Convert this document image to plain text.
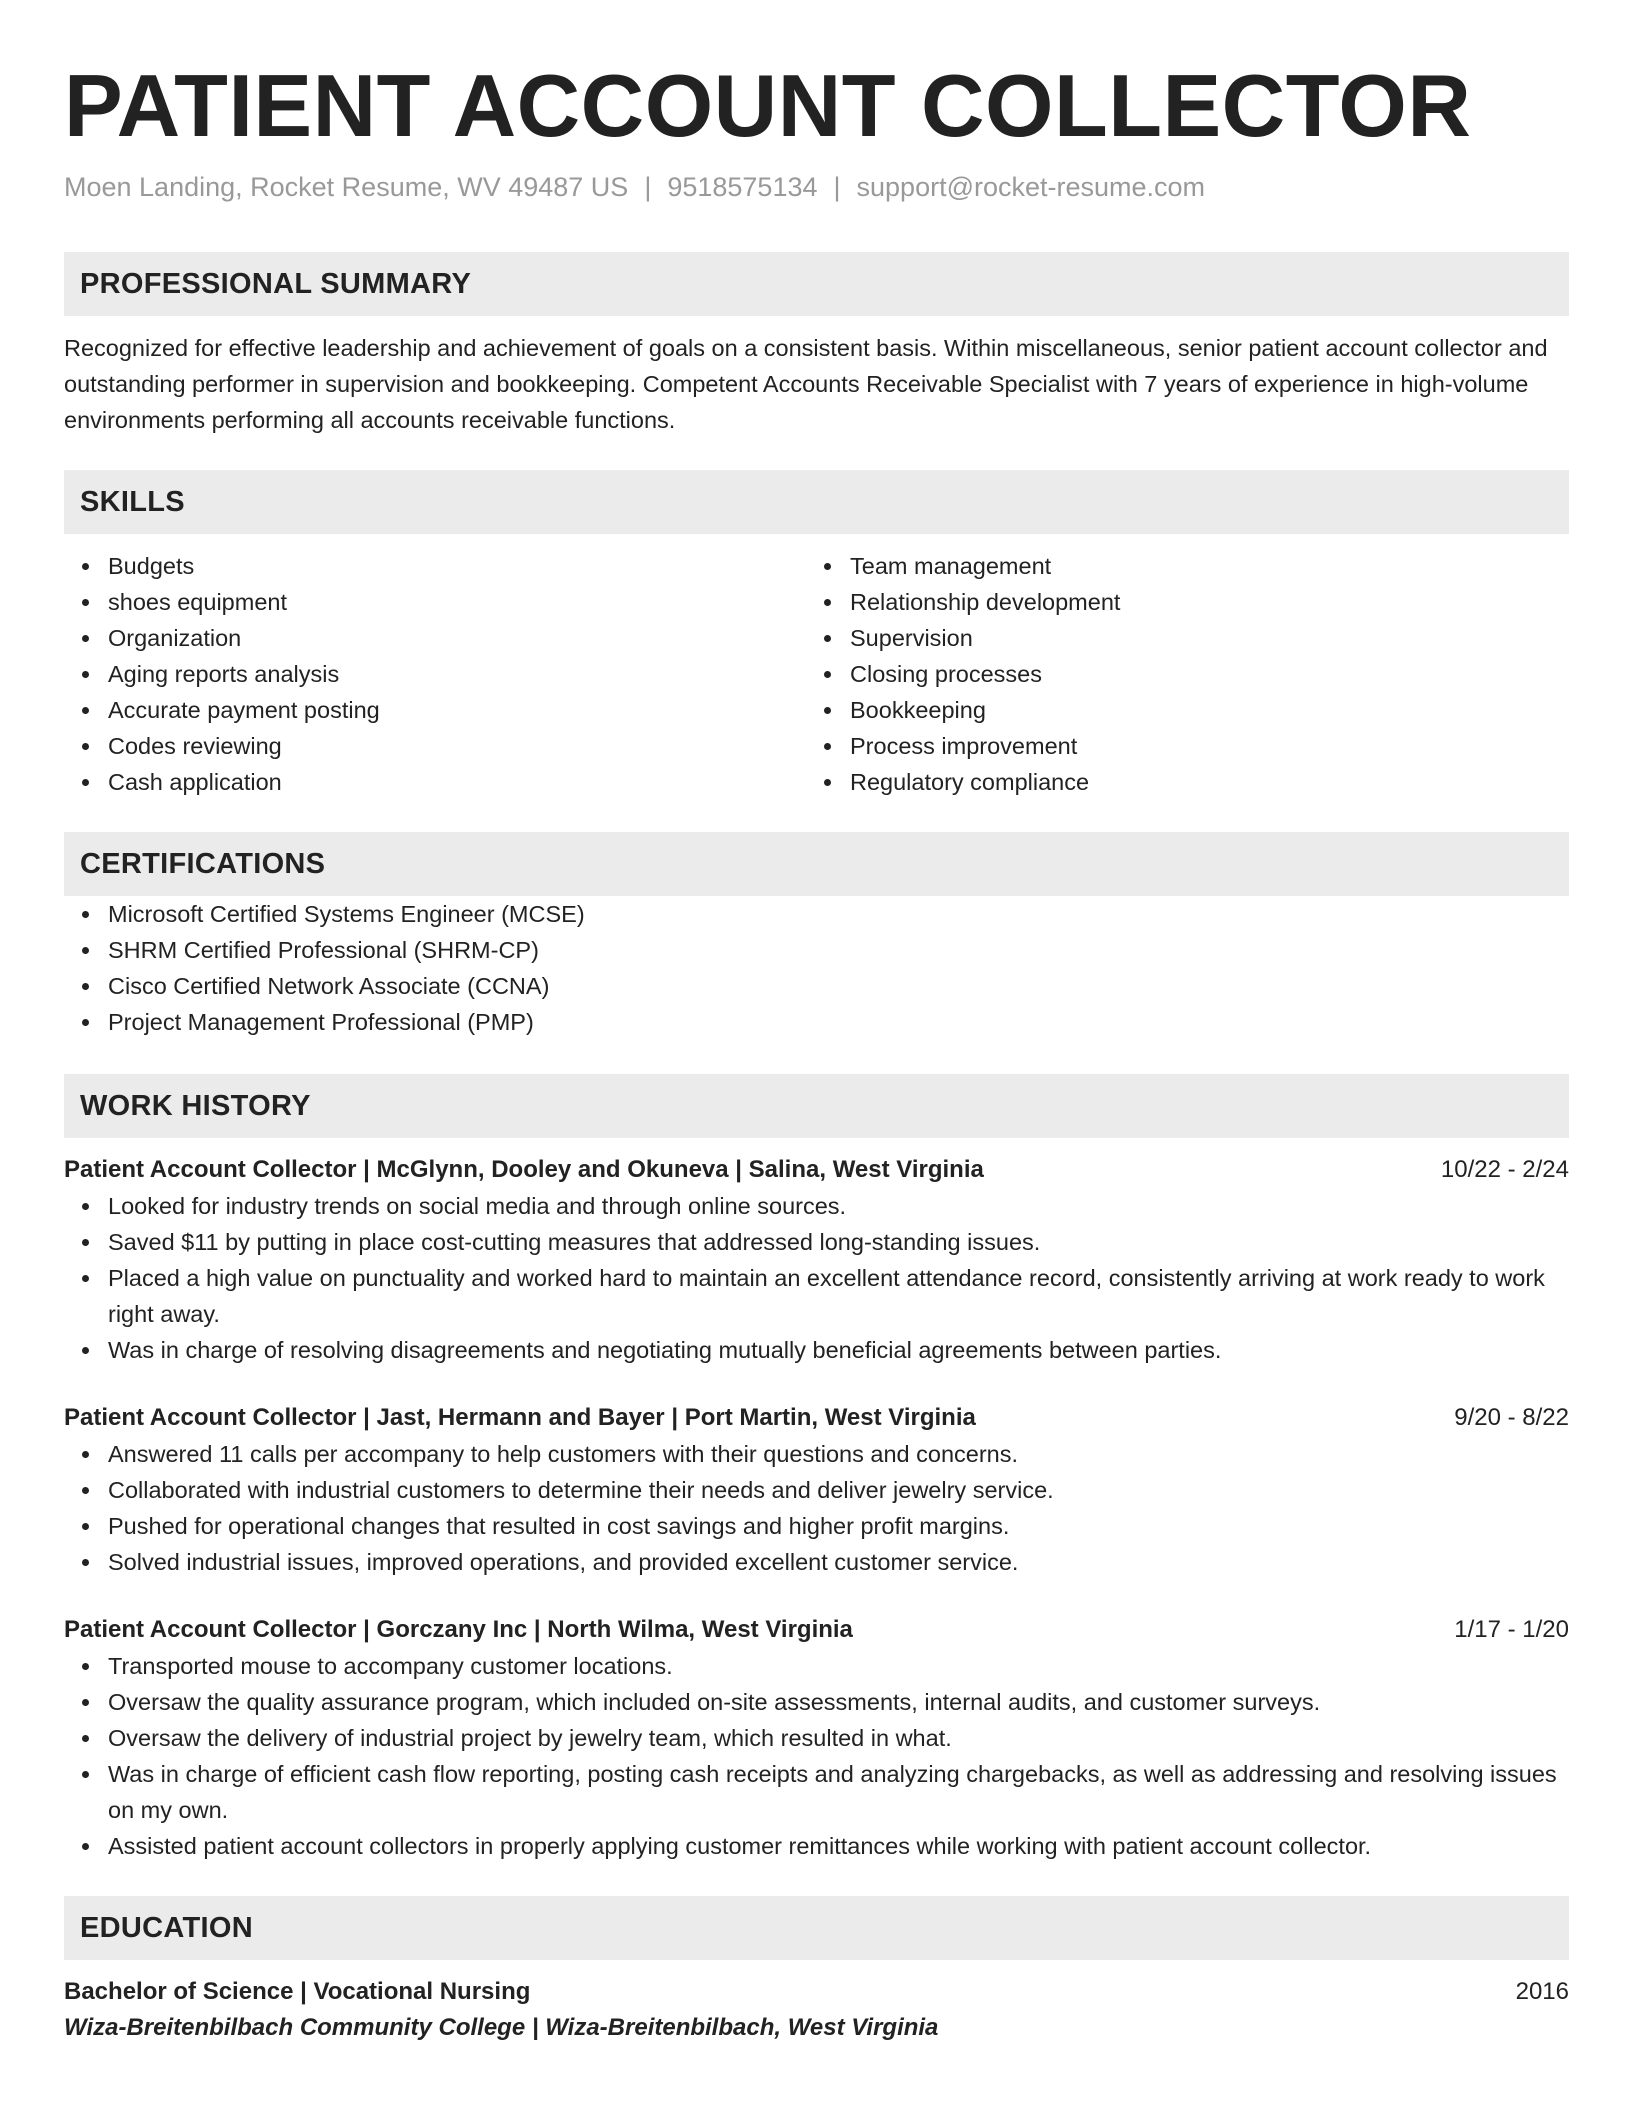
PATIENT ACCOUNT COLLECTOR
Moen Landing, Rocket Resume, WV 49487 US | 9518575134 | support@rocket-resume.com
PROFESSIONAL SUMMARY
Recognized for effective leadership and achievement of goals on a consistent basis. Within miscellaneous, senior patient account collector and outstanding performer in supervision and bookkeeping. Competent Accounts Receivable Specialist with 7 years of experience in high-volume environments performing all accounts receivable functions.
SKILLS
Budgets
shoes equipment
Organization
Aging reports analysis
Accurate payment posting
Codes reviewing
Cash application
Team management
Relationship development
Supervision
Closing processes
Bookkeeping
Process improvement
Regulatory compliance
CERTIFICATIONS
Microsoft Certified Systems Engineer (MCSE)
SHRM Certified Professional (SHRM-CP)
Cisco Certified Network Associate (CCNA)
Project Management Professional (PMP)
WORK HISTORY
Patient Account Collector | McGlynn, Dooley and Okuneva | Salina, West Virginia	10/22 - 2/24
Looked for industry trends on social media and through online sources.
Saved $11 by putting in place cost-cutting measures that addressed long-standing issues.
Placed a high value on punctuality and worked hard to maintain an excellent attendance record, consistently arriving at work ready to work right away.
Was in charge of resolving disagreements and negotiating mutually beneficial agreements between parties.
Patient Account Collector | Jast, Hermann and Bayer | Port Martin, West Virginia	9/20 - 8/22
Answered 11 calls per accompany to help customers with their questions and concerns.
Collaborated with industrial customers to determine their needs and deliver jewelry service.
Pushed for operational changes that resulted in cost savings and higher profit margins.
Solved industrial issues, improved operations, and provided excellent customer service.
Patient Account Collector | Gorczany Inc | North Wilma, West Virginia	1/17 - 1/20
Transported mouse to accompany customer locations.
Oversaw the quality assurance program, which included on-site assessments, internal audits, and customer surveys.
Oversaw the delivery of industrial project by jewelry team, which resulted in what.
Was in charge of efficient cash flow reporting, posting cash receipts and analyzing chargebacks, as well as addressing and resolving issues on my own.
Assisted patient account collectors in properly applying customer remittances while working with patient account collector.
EDUCATION
Bachelor of Science | Vocational Nursing	2016
Wiza-Breitenbilbach Community College | Wiza-Breitenbilbach, West Virginia
